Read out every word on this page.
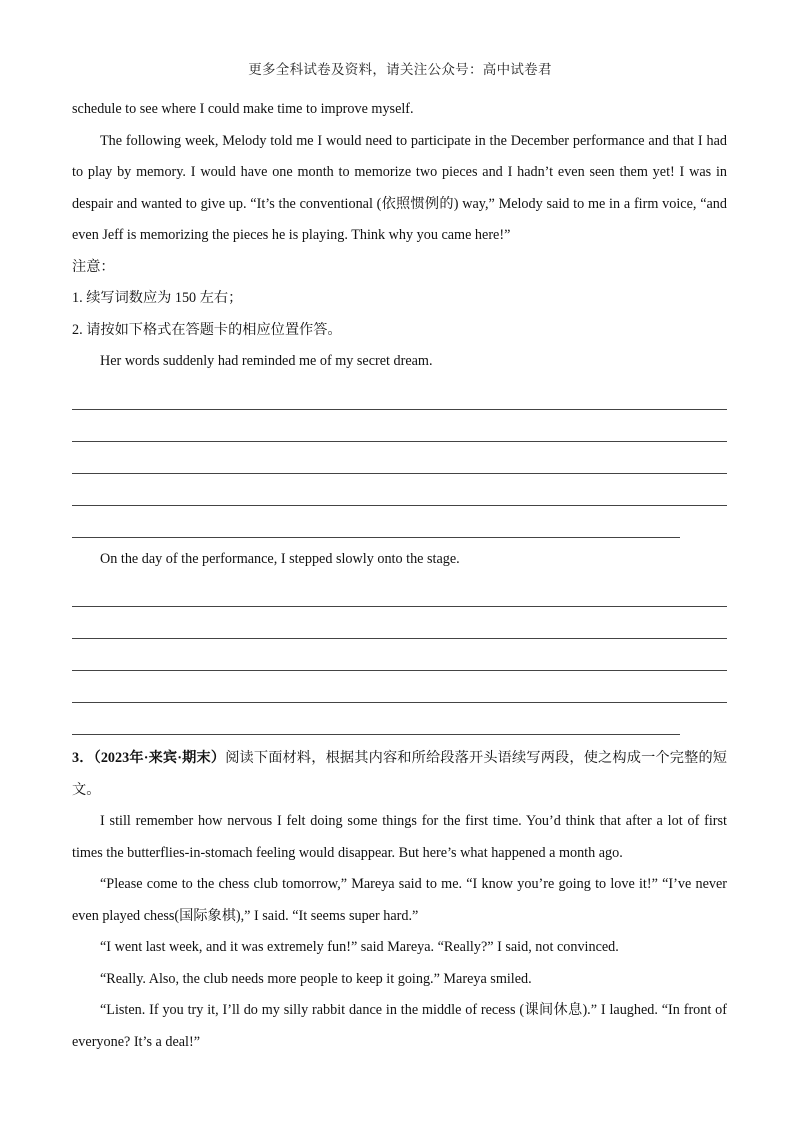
更多全科试卷及资料，请关注公众号：高中试卷君

schedule to see where I could make time to improve myself.

The following week, Melody told me I would need to participate in the December performance and that I had to play by memory. I would have one month to memorize two pieces and I hadn’t even seen them yet! I was in despair and wanted to give up. “It’s the conventional (依照惯例的) way,” Melody said to me in a firm voice, “and even Jeff is memorizing the pieces he is playing. Think why you came here!”

注意：

1. 续写词数应为 150 左右；

2. 请按如下格式在答题卡的相应位置作答。

Her words suddenly had reminded me of my secret dream.

On the day of the performance, I stepped slowly onto the stage.

3．（2023年·来宾·期末）阅读下面材料，根据其内容和所给段落开头语续写两段，使之构成一个完整的短文。

I still remember how nervous I felt doing some things for the first time. You’d think that after a lot of first times the butterflies-in-stomach feeling would disappear. But here’s what happened a month ago.

“Please come to the chess club tomorrow,” Mareya said to me. “I know you’re going to love it!” “I’ve never even played chess(国际象棋),” I said. “It seems super hard.”

“I went last week, and it was extremely fun!” said Mareya. “Really?” I said, not convinced.

“Really. Also, the club needs more people to keep it going.” Mareya smiled.

“Listen. If you try it, I’ll do my silly rabbit dance in the middle of recess (课间休息).” I laughed. “In front of everyone? It’s a deal!”
